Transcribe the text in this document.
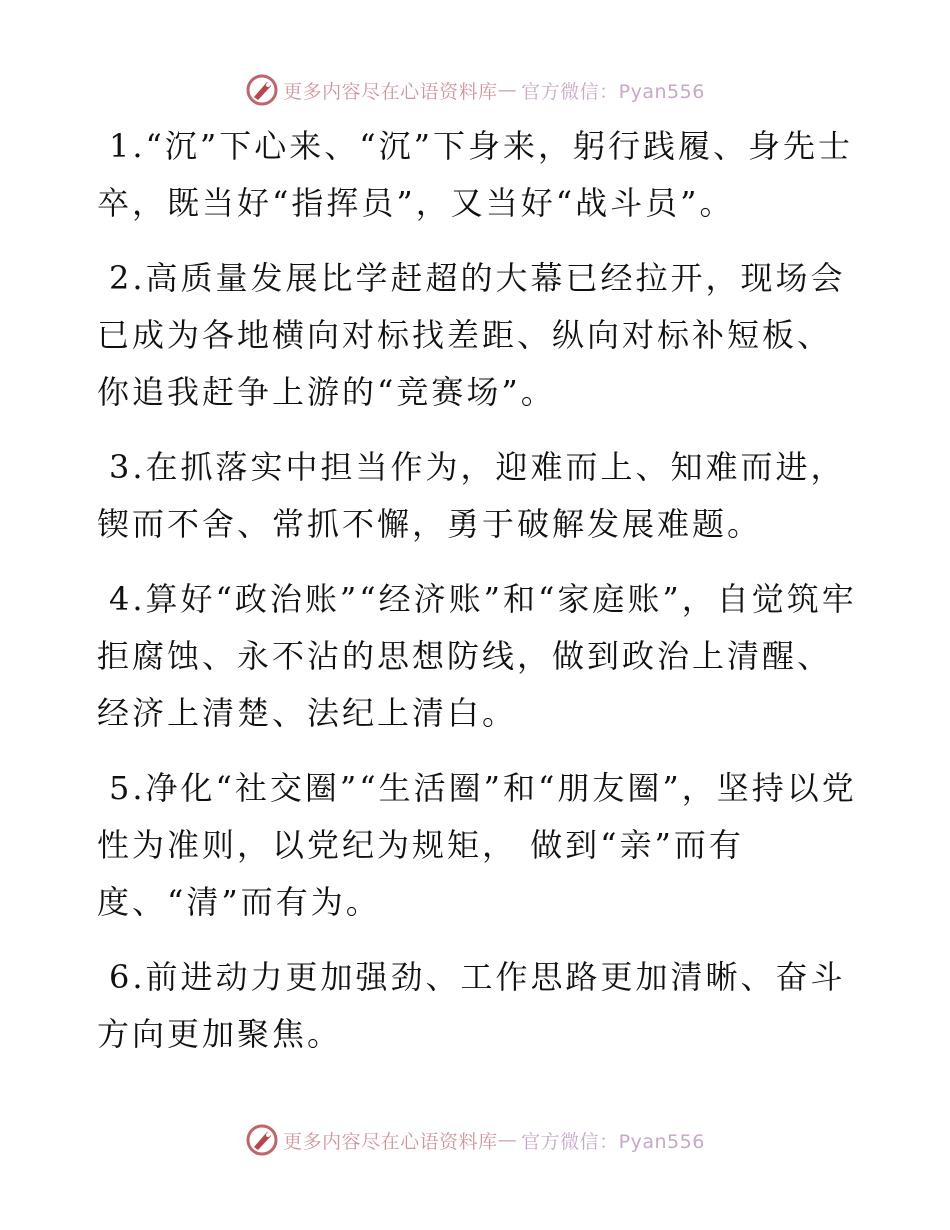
更多内容尽在心语资料库 — 官方微信：Pyan556

1.“沉”下心来、“沉”下身来，躬行践履、身先士卒，既当好“指挥员”，又当好“战斗员”。

2.高质量发展比学赶超的大幕已经拉开，现场会已成为各地横向对标找差距、纵向对标补短板、你追我赶争上游的“竞赛场”。

3.在抓落实中担当作为，迎难而上、知难而进，锲而不舍、常抓不懈，勇于破解发展难题。

4.算好“政治账”“经济账”和“家庭账”，自觉筑牢拒腐蚀、永不沾的思想防线，做到政治上清醒、经济上清楚、法纪上清白。

5.净化“社交圈”“生活圈”和“朋友圈”，坚持以党性为准则，以党纪为规矩， 做到“亲”而有度、“清”而有为。

6.前进动力更加强劲、工作思路更加清晰、奋斗方向更加聚焦。

更多内容尽在心语资料库 — 官方微信：Pyan556
